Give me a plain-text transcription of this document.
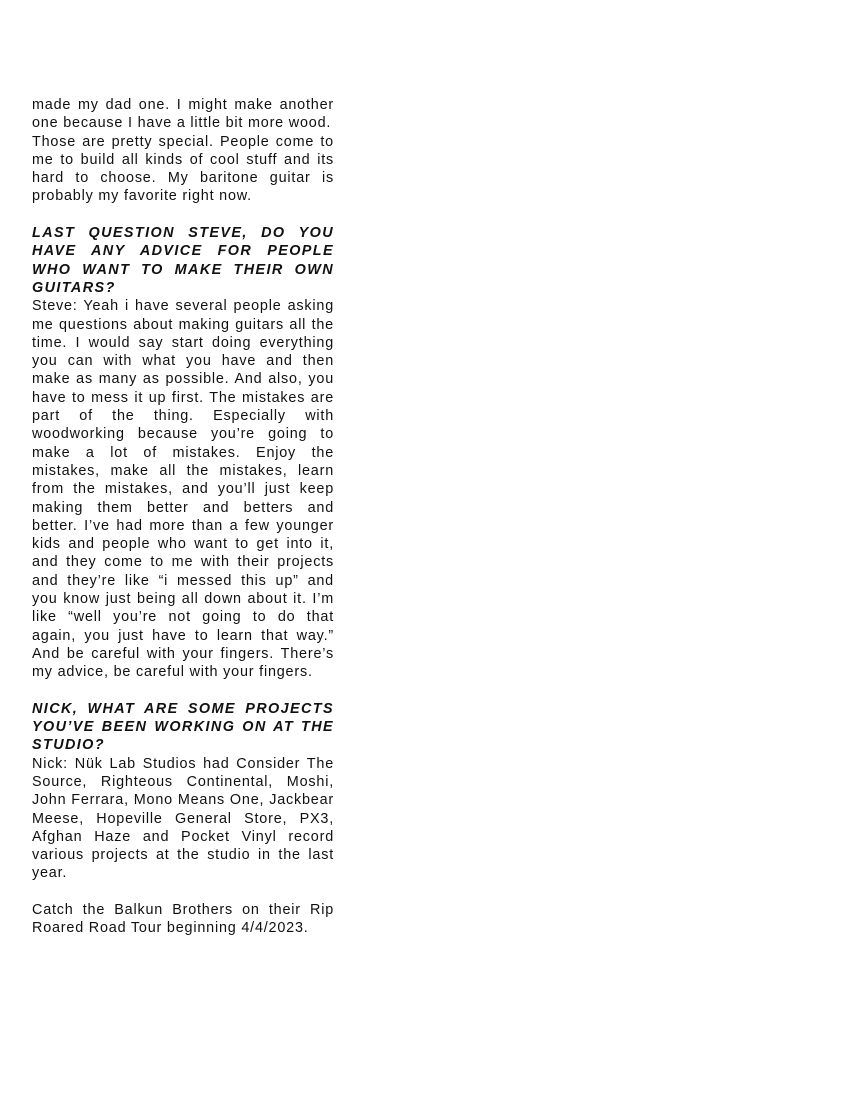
made my dad one. I might make another one because I have a little bit more wood.

Those are pretty special. People come to me to build all kinds of cool stuff and its hard to choose. My baritone guitar is probably my favorite right now.

LAST QUESTION STEVE, DO YOU HAVE ANY ADVICE FOR PEOPLE WHO WANT TO MAKE THEIR OWN GUITARS?

Steve: Yeah i have several people asking me questions about making guitars all the time. I would say start doing everything you can with what you have and then make as many as possible. And also, you have to mess it up first. The mistakes are part of the thing. Especially with woodworking because you’re going to make a lot of mistakes. Enjoy the mistakes, make all the mistakes, learn from the mistakes, and you’ll just keep making them better and betters and better. I’ve had more than a few younger kids and people who want to get into it, and they come to me with their projects and they’re like “i messed this up” and you know just being all down about it. I’m like “well you’re not going to do that again, you just have to learn that way.” And be careful with your fingers. There’s my advice, be careful with your fingers.

NICK, WHAT ARE SOME PROJECTS YOU’VE BEEN WORKING ON AT THE STUDIO?

Nick: Nük Lab Studios had Consider The Source, Righteous Continental, Moshi, John Ferrara, Mono Means One, Jackbear Meese, Hopeville General Store, PX3, Afghan Haze and Pocket Vinyl record various projects at the studio in the last year.

Catch the Balkun Brothers on their Rip Roared Road Tour beginning 4/4/2023.
